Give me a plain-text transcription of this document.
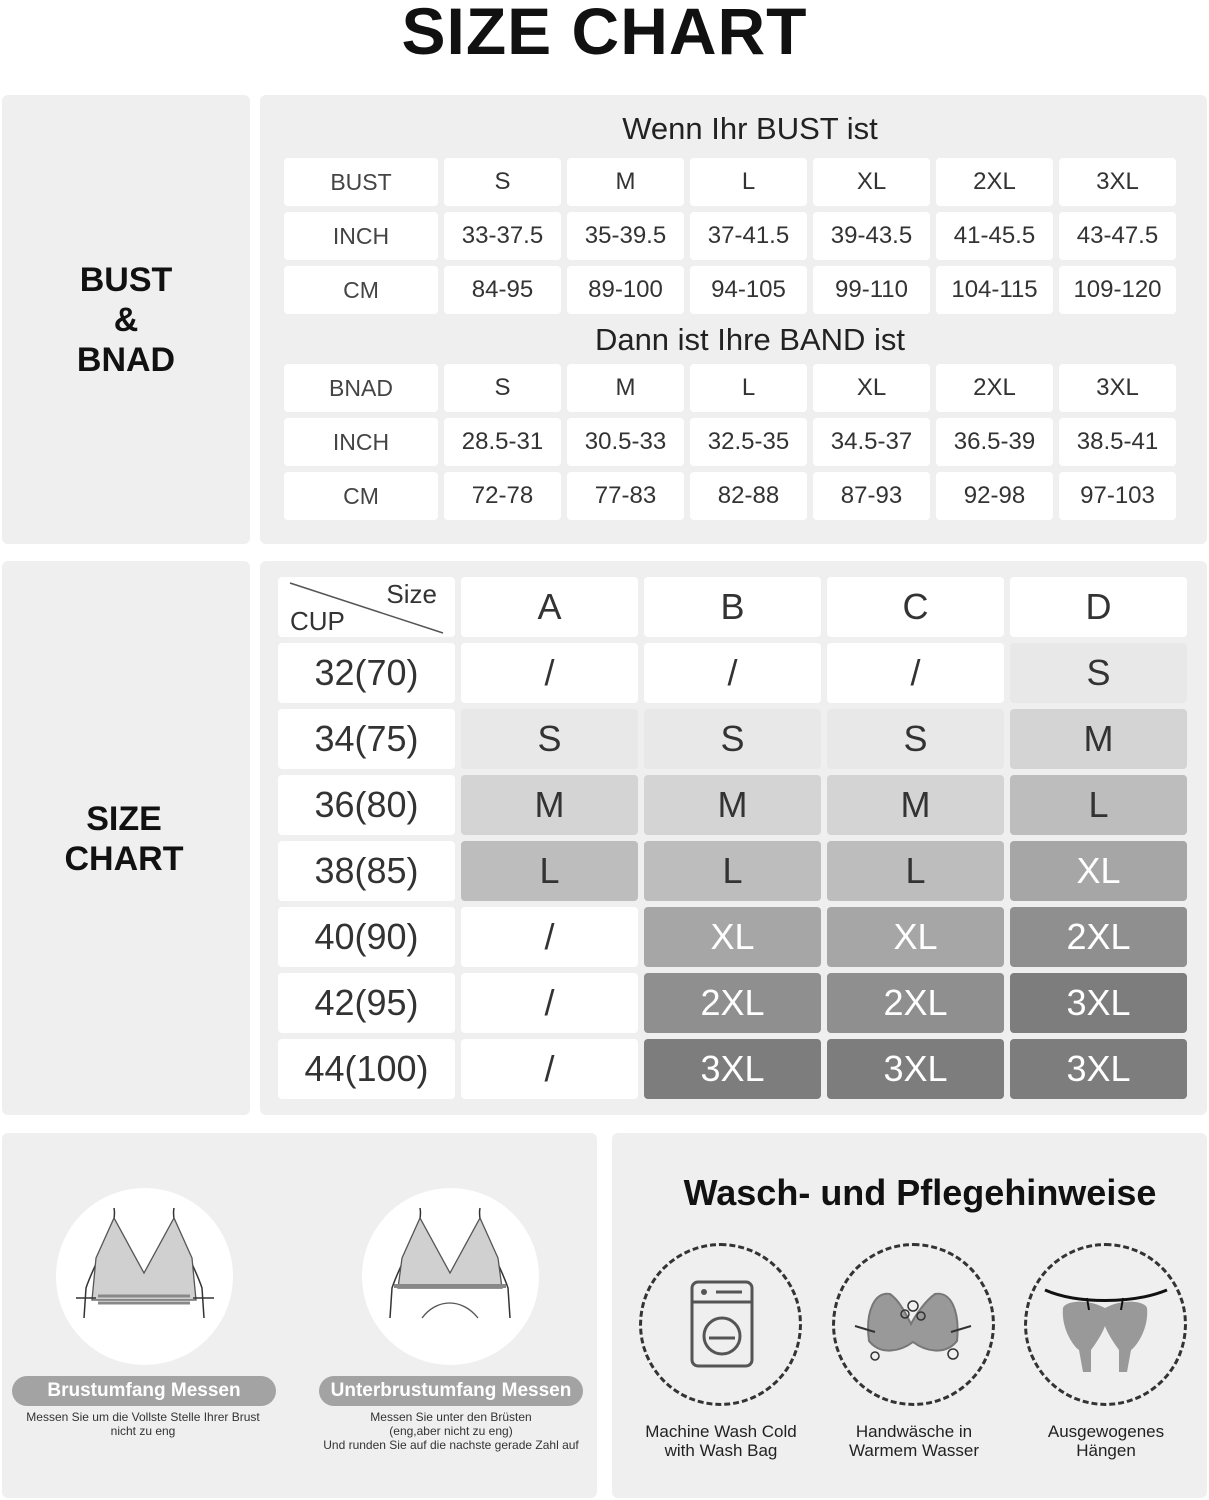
SIZE CHART
BUST
&
BNAD
Wenn Ihr BUST ist
BUST	S	M	L	XL	2XL	3XL
INCH	33-37.5	35-39.5	37-41.5	39-43.5	41-45.5	43-47.5
CM	84-95	89-100	94-105	99-110	104-115	109-120
Dann ist Ihre BAND ist
BNAD	S	M	L	XL	2XL	3XL
INCH	28.5-31	30.5-33	32.5-35	34.5-37	36.5-39	38.5-41
CM	72-78	77-83	82-88	87-93	92-98	97-103
SIZE
CHART
Size
CUP	A	B	C	D
32(70)	/	/	/	S
34(75)	S	S	S	M
36(80)	M	M	M	L
38(85)	L	L	L	XL
40(90)	/	XL	XL	2XL
42(95)	/	2XL	2XL	3XL
44(100)	/	3XL	3XL	3XL
Brustumfang Messen
Messen Sie um die Vollste Stelle Ihrer Brust
nicht zu eng
Unterbrustumfang Messen
Messen Sie unter den Brüsten
(eng,aber nicht zu eng)
Und runden Sie auf die nachste gerade Zahl auf
Wasch- und Pflegehinweise
Machine Wash Cold
with Wash Bag
Handwäsche in
Warmem Wasser
Ausgewogenes
Hängen
